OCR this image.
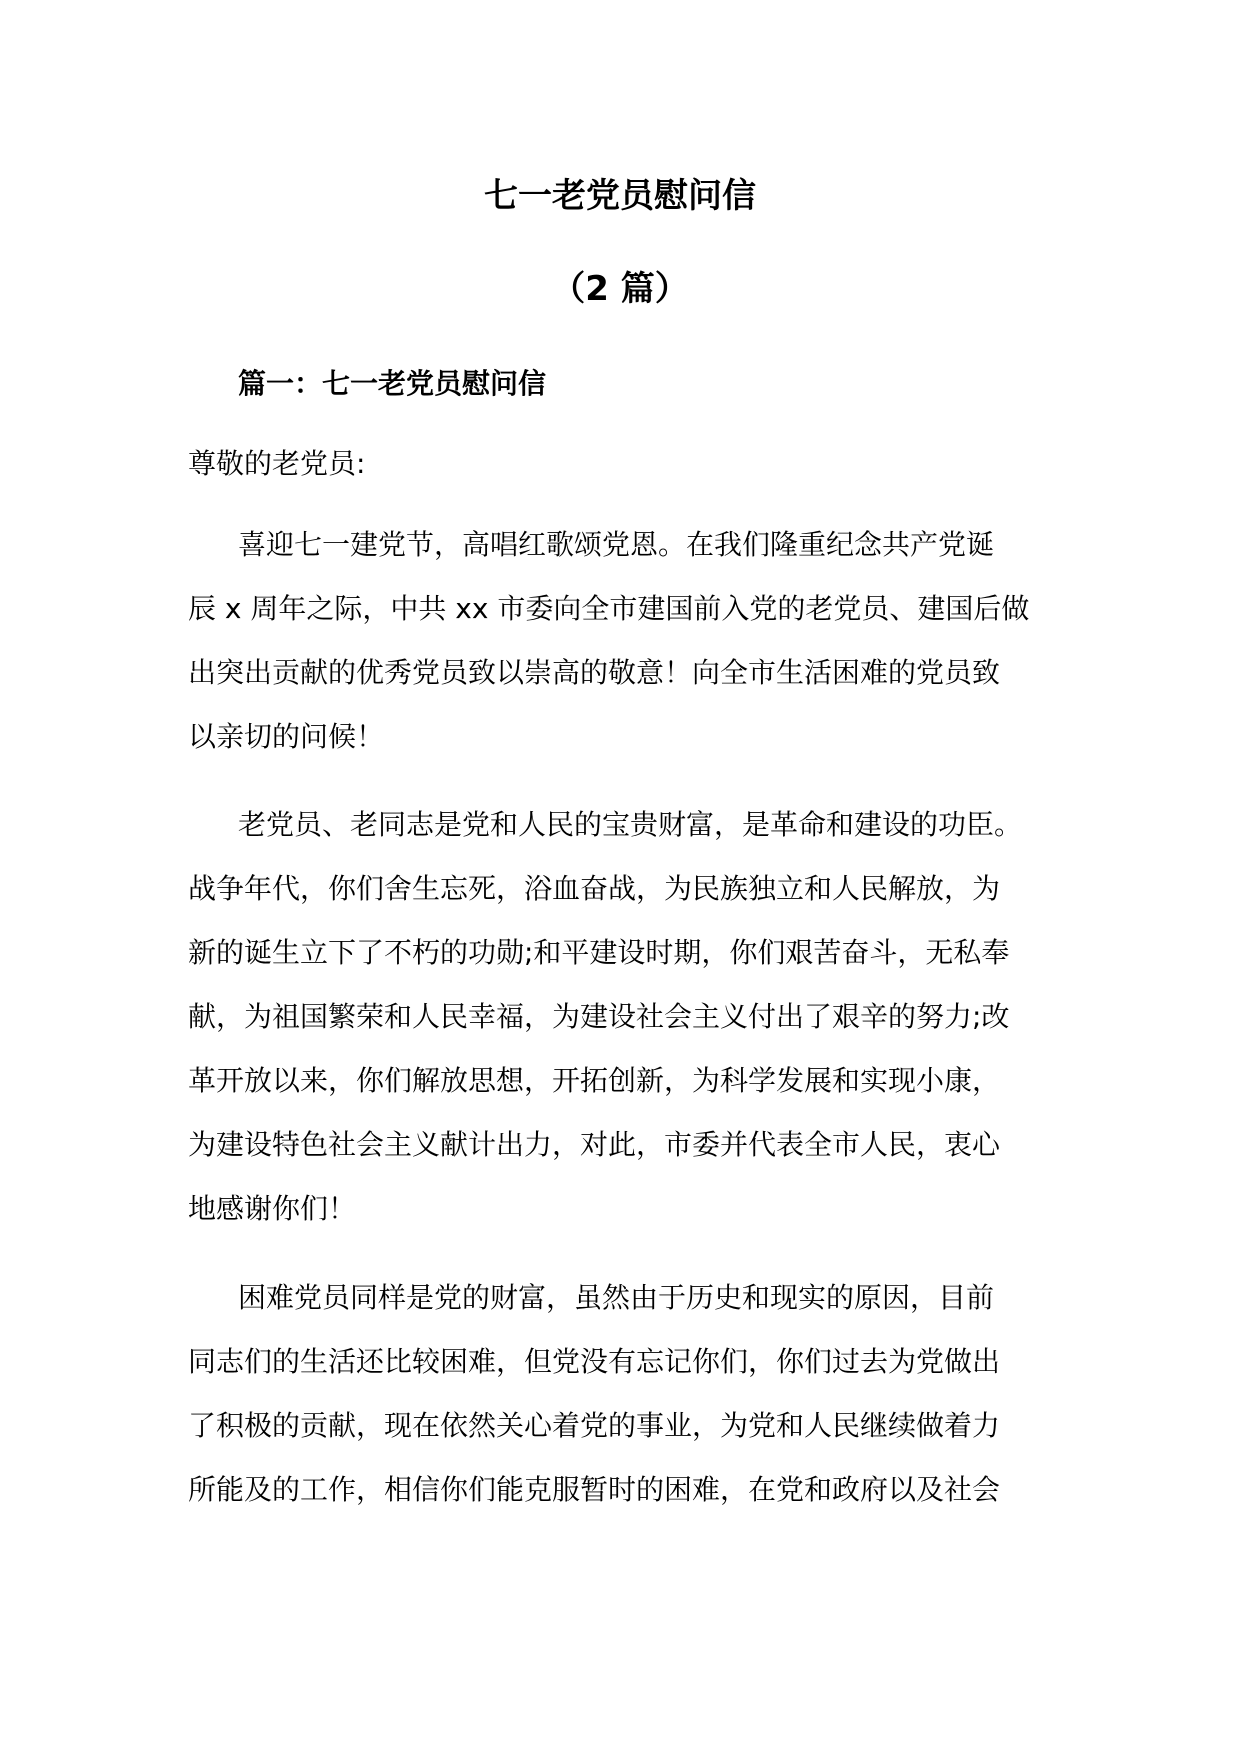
七一老党员慰问信
（2 篇）
篇一：七一老党员慰问信

尊敬的老党员:

喜迎七一建党节，高唱红歌颂党恩。在我们隆重纪念共产党诞
辰 x 周年之际，中共 xx 市委向全市建国前入党的老党员、建国后做
出突出贡献的优秀党员致以崇高的敬意！向全市生活困难的党员致
以亲切的问候！
老党员、老同志是党和人民的宝贵财富，是革命和建设的功臣。
战争年代，你们舍生忘死，浴血奋战，为民族独立和人民解放，为
新的诞生立下了不朽的功勋;和平建设时期，你们艰苦奋斗，无私奉
献，为祖国繁荣和人民幸福，为建设社会主义付出了艰辛的努力;改
革开放以来，你们解放思想，开拓创新，为科学发展和实现小康，
为建设特色社会主义献计出力，对此，市委并代表全市人民，衷心
地感谢你们！
困难党员同样是党的财富，虽然由于历史和现实的原因，目前
同志们的生活还比较困难，但党没有忘记你们，你们过去为党做出
了积极的贡献，现在依然关心着党的事业，为党和人民继续做着力
所能及的工作，相信你们能克服暂时的困难，在党和政府以及社会
